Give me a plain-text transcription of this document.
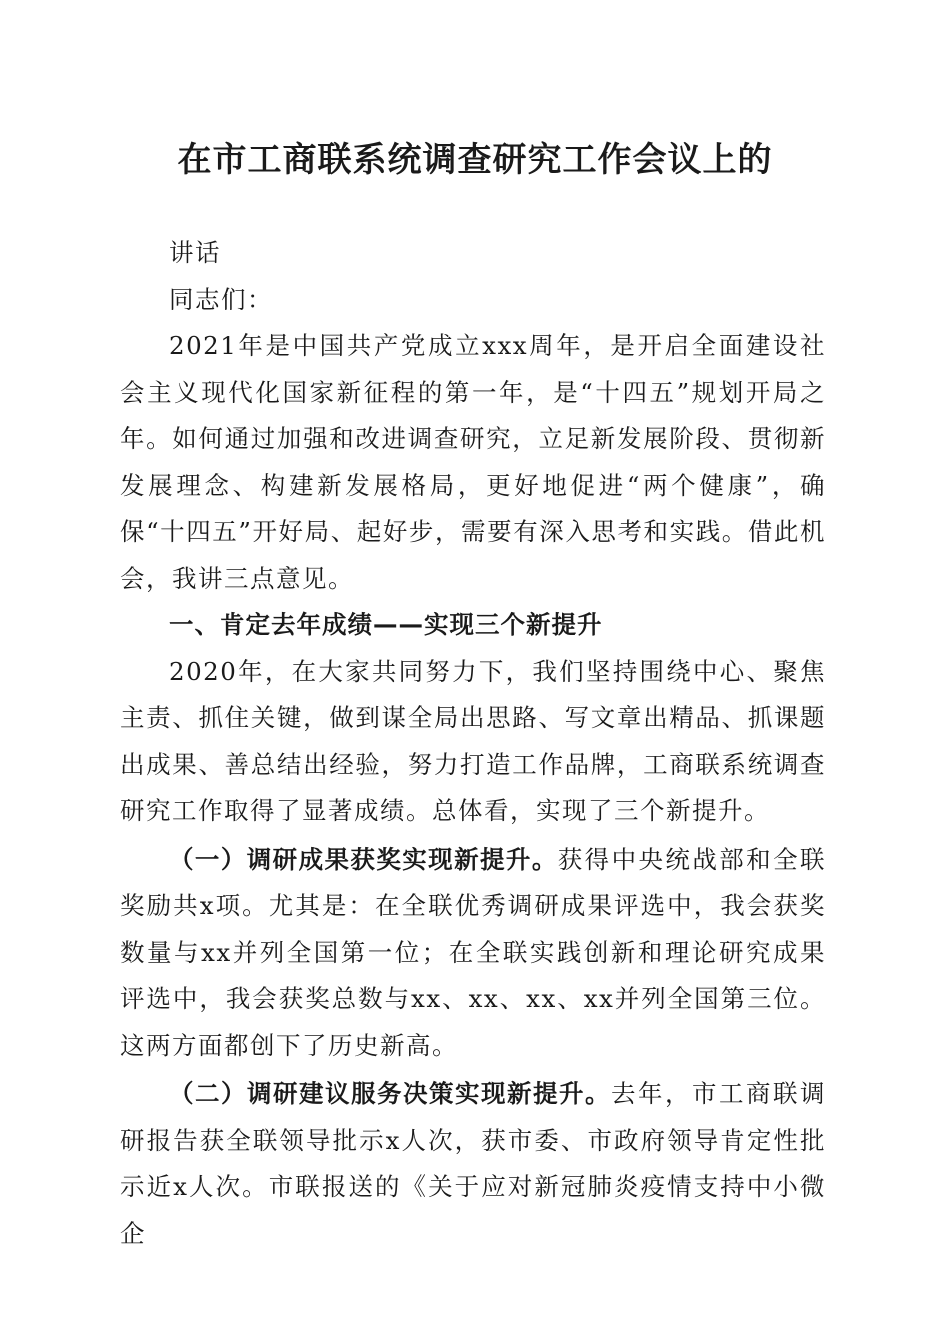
在市工商联系统调查研究工作会议上的

讲话

同志们：

2021年是中国共产党成立xxx周年，是开启全面建设社会主义现代化国家新征程的第一年，是“十四五”规划开局之年。如何通过加强和改进调查研究，立足新发展阶段、贯彻新发展理念、构建新发展格局，更好地促进“两个健康”，确保“十四五”开好局、起好步，需要有深入思考和实践。借此机会，我讲三点意见。

一、肯定去年成绩——实现三个新提升

2020年，在大家共同努力下，我们坚持围绕中心、聚焦主责、抓住关键，做到谋全局出思路、写文章出精品、抓课题出成果、善总结出经验，努力打造工作品牌，工商联系统调查研究工作取得了显著成绩。总体看，实现了三个新提升。

（一）调研成果获奖实现新提升。获得中央统战部和全联奖励共x项。尤其是：在全联优秀调研成果评选中，我会获奖数量与xx并列全国第一位；在全联实践创新和理论研究成果评选中，我会获奖总数与xx、xx、xx、xx并列全国第三位。这两方面都创下了历史新高。

（二）调研建议服务决策实现新提升。去年，市工商联调研报告获全联领导批示x人次，获市委、市政府领导肯定性批示近x人次。市联报送的《关于应对新冠肺炎疫情支持中小微企
